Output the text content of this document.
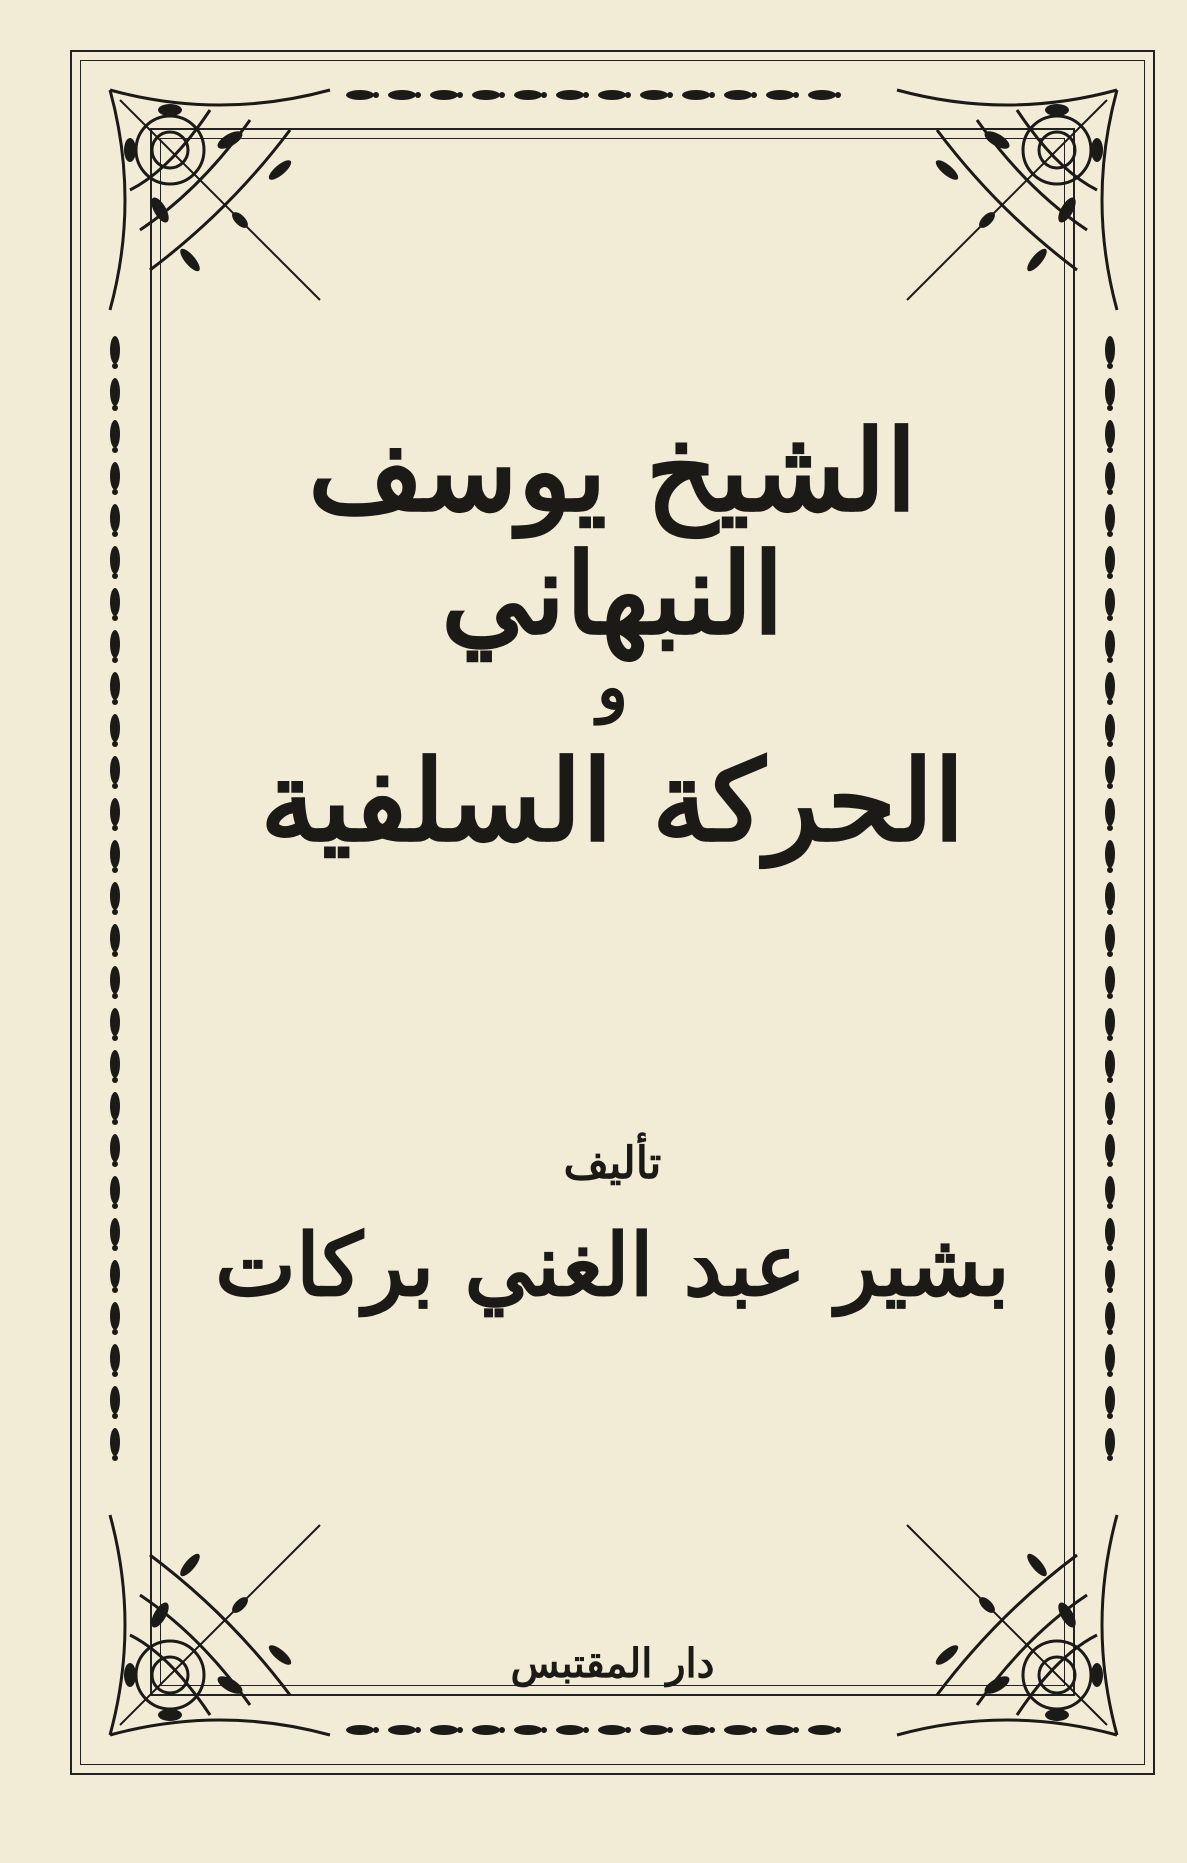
الشيخ يوسف النبهاني
و
الحركة السلفية
تأليف
بشير عبد الغني بركات
دار المقتبس
